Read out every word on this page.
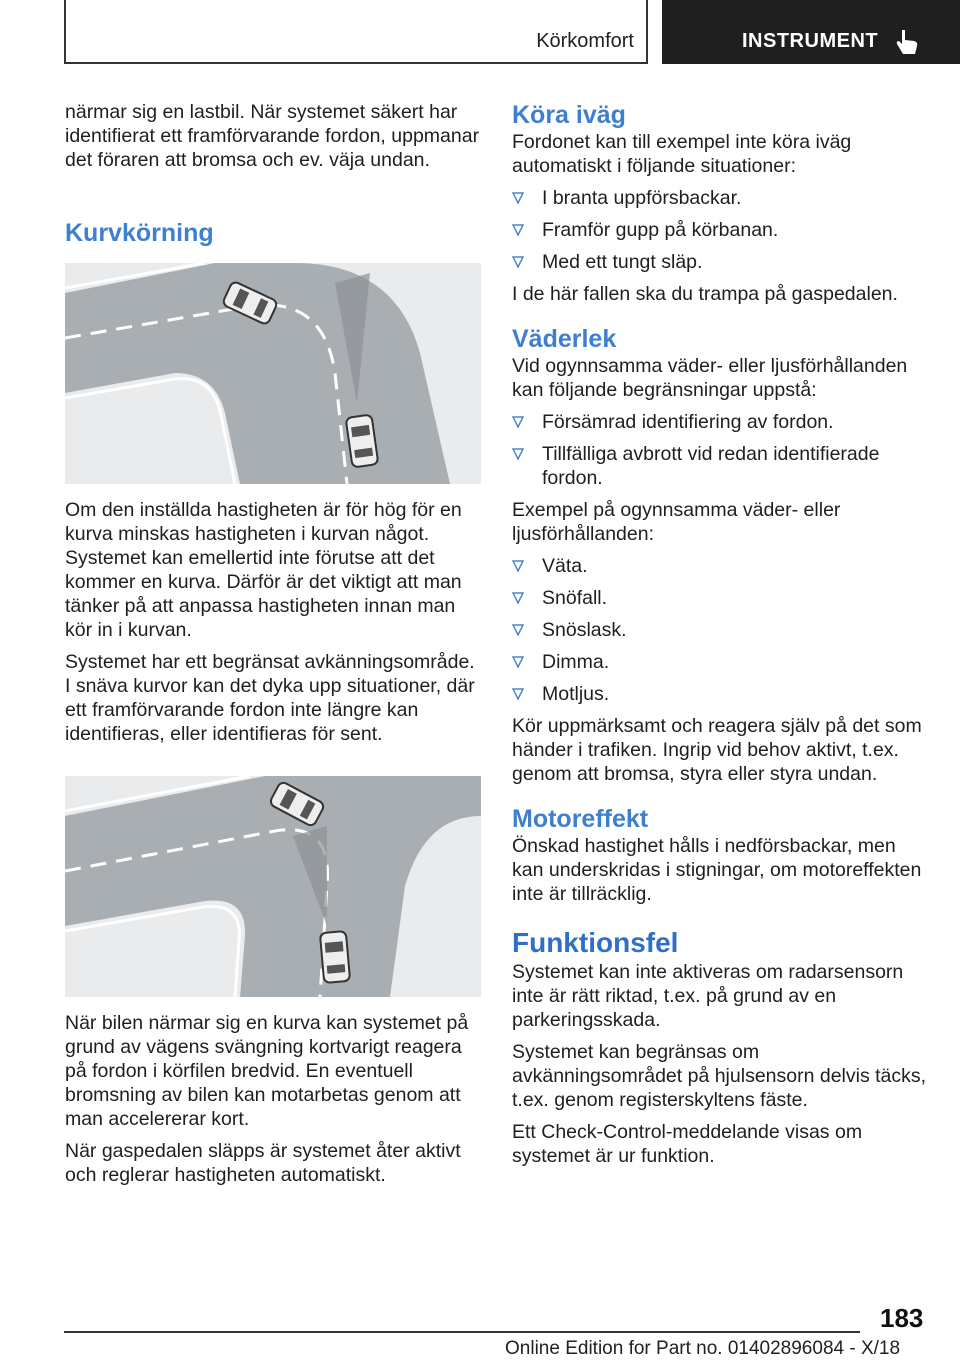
Körkomfort	INSTRUMENT

närmar sig en lastbil. När systemet säkert har identifierat ett framförvarande fordon, uppmanar det föraren att bromsa och ev. väja undan.

Kurvkörning

Om den inställda hastigheten är för hög för en kurva minskas hastigheten i kurvan något. Systemet kan emellertid inte förutse att det kommer en kurva. Därför är det viktigt att man tänker på att anpassa hastigheten innan man kör in i kurvan.

Systemet har ett begränsat avkänningsområde. I snäva kurvor kan det dyka upp situationer, där ett framförvarande fordon inte längre kan identifieras, eller identifieras för sent.

När bilen närmar sig en kurva kan systemet på grund av vägens svängning kortvarigt reagera på fordon i körfilen bredvid. En eventuell bromsning av bilen kan motarbetas genom att man accelererar kort.

När gaspedalen släpps är systemet åter aktivt och reglerar hastigheten automatiskt.

Köra iväg

Fordonet kan till exempel inte köra iväg automatiskt i följande situationer:

I branta uppförsbackar.
Framför gupp på körbanan.
Med ett tungt släp.

I de här fallen ska du trampa på gaspedalen.

Väderlek

Vid ogynnsamma väder- eller ljusförhållanden kan följande begränsningar uppstå:

Försämrad identifiering av fordon.
Tillfälliga avbrott vid redan identifierade fordon.

Exempel på ogynnsamma väder- eller ljusförhållanden:

Väta.
Snöfall.
Snöslask.
Dimma.
Motljus.

Kör uppmärksamt och reagera själv på det som händer i trafiken. Ingrip vid behov aktivt, t.ex. genom att bromsa, styra eller styra undan.

Motoreffekt

Önskad hastighet hålls i nedförsbackar, men kan underskridas i stigningar, om motoreffekten inte är tillräcklig.

Funktionsfel

Systemet kan inte aktiveras om radarsensorn inte är rätt riktad, t.ex. på grund av en parkeringsskada.

Systemet kan begränsas om avkänningsområdet på hjulsensorn delvis täcks, t.ex. genom registerskyltens fäste.

Ett Check-Control-meddelande visas om systemet är ur funktion.

183
Online Edition for Part no. 01402896084 - X/18
